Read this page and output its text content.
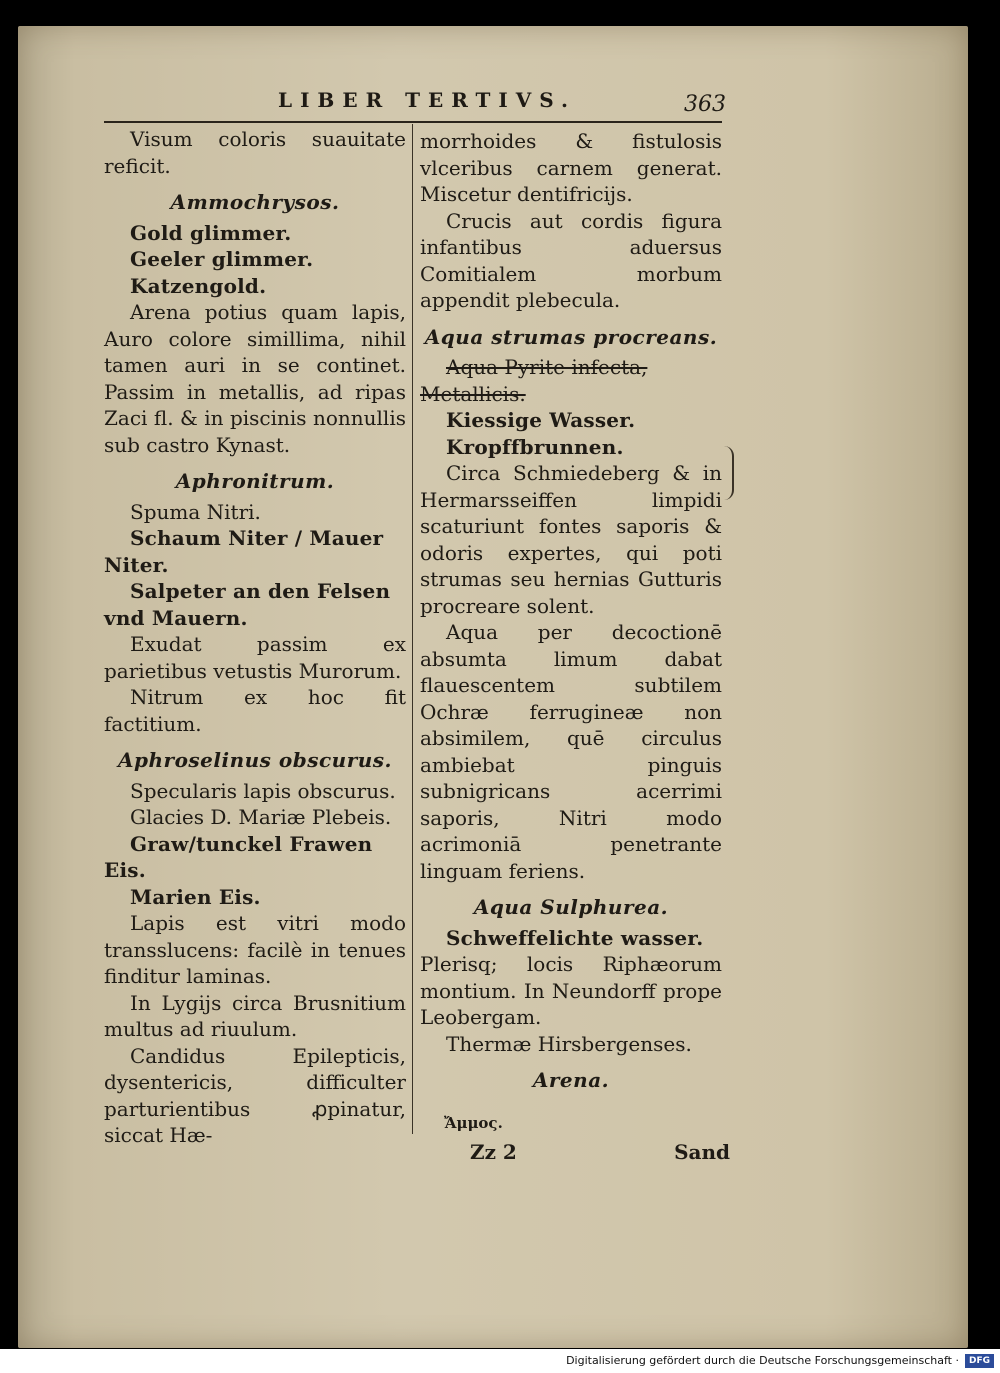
LIBER TERTIVS.	363

Visum coloris suauitate reficit.

Ammochrysos.

Gold glimmer.

Geeler glimmer.

Katzengold.

Arena potius quam lapis, Auro colore simillima, nihil tamen auri in se continet. Passim in metallis, ad ripas Zaci fl. & in piscinis nonnullis sub castro Kynast.

Aphronitrum.

Spuma Nitri.

Schaum Niter / Mauer Niter.

Salpeter an den Felsen vnd Mauern.

Exudat passim ex parietibus vetustis Murorum.

Nitrum ex hoc fit factitium.

Aphroselinus obscurus.

Specularis lapis obscurus.

Glacies D. Mariæ Plebeis.

Graw/tunckel Frawen Eis.

Marien Eis.

Lapis est vitri modo transslucens: facilè in tenues finditur laminas.

In Lygijs circa Brusnitium multus ad riuulum.

Candidus Epilepticis, dysentericis, difficulter parturientibus ꝓpinatur, siccat Hæ-

morrhoides & fistulosis vlceribus carnem generat. Miscetur dentifricijs.

Crucis aut cordis figura infantibus aduersus Comitialem morbum appendit plebecula.

Aqua strumas procreans.

Aqua Pyrite infecta, Metallicis.

Kiessige Wasser.

Kropffbrunnen.

Circa Schmiedeberg & in Hermarsseiffen limpidi scaturiunt fontes saporis & odoris expertes, qui poti strumas seu hernias Gutturis procreare solent.

Aqua per decoctionē absumta limum dabat flauescentem subtilem Ochræ ferrugineæ non absimilem, quē circulus ambiebat pinguis subnigricans acerrimi saporis, Nitri modo acrimoniā penetrante linguam feriens.

Aqua Sulphurea.

Schweffelichte wasser.

Plerisq; locis Riphæorum montium. In Neundorff prope Leobergam.

Thermæ Hirsbergenses.

Arena.

Ἄμμος.
Zz 2	Sand
Digitalisierung gefördert durch die Deutsche Forschungsgemeinschaft · DFG
